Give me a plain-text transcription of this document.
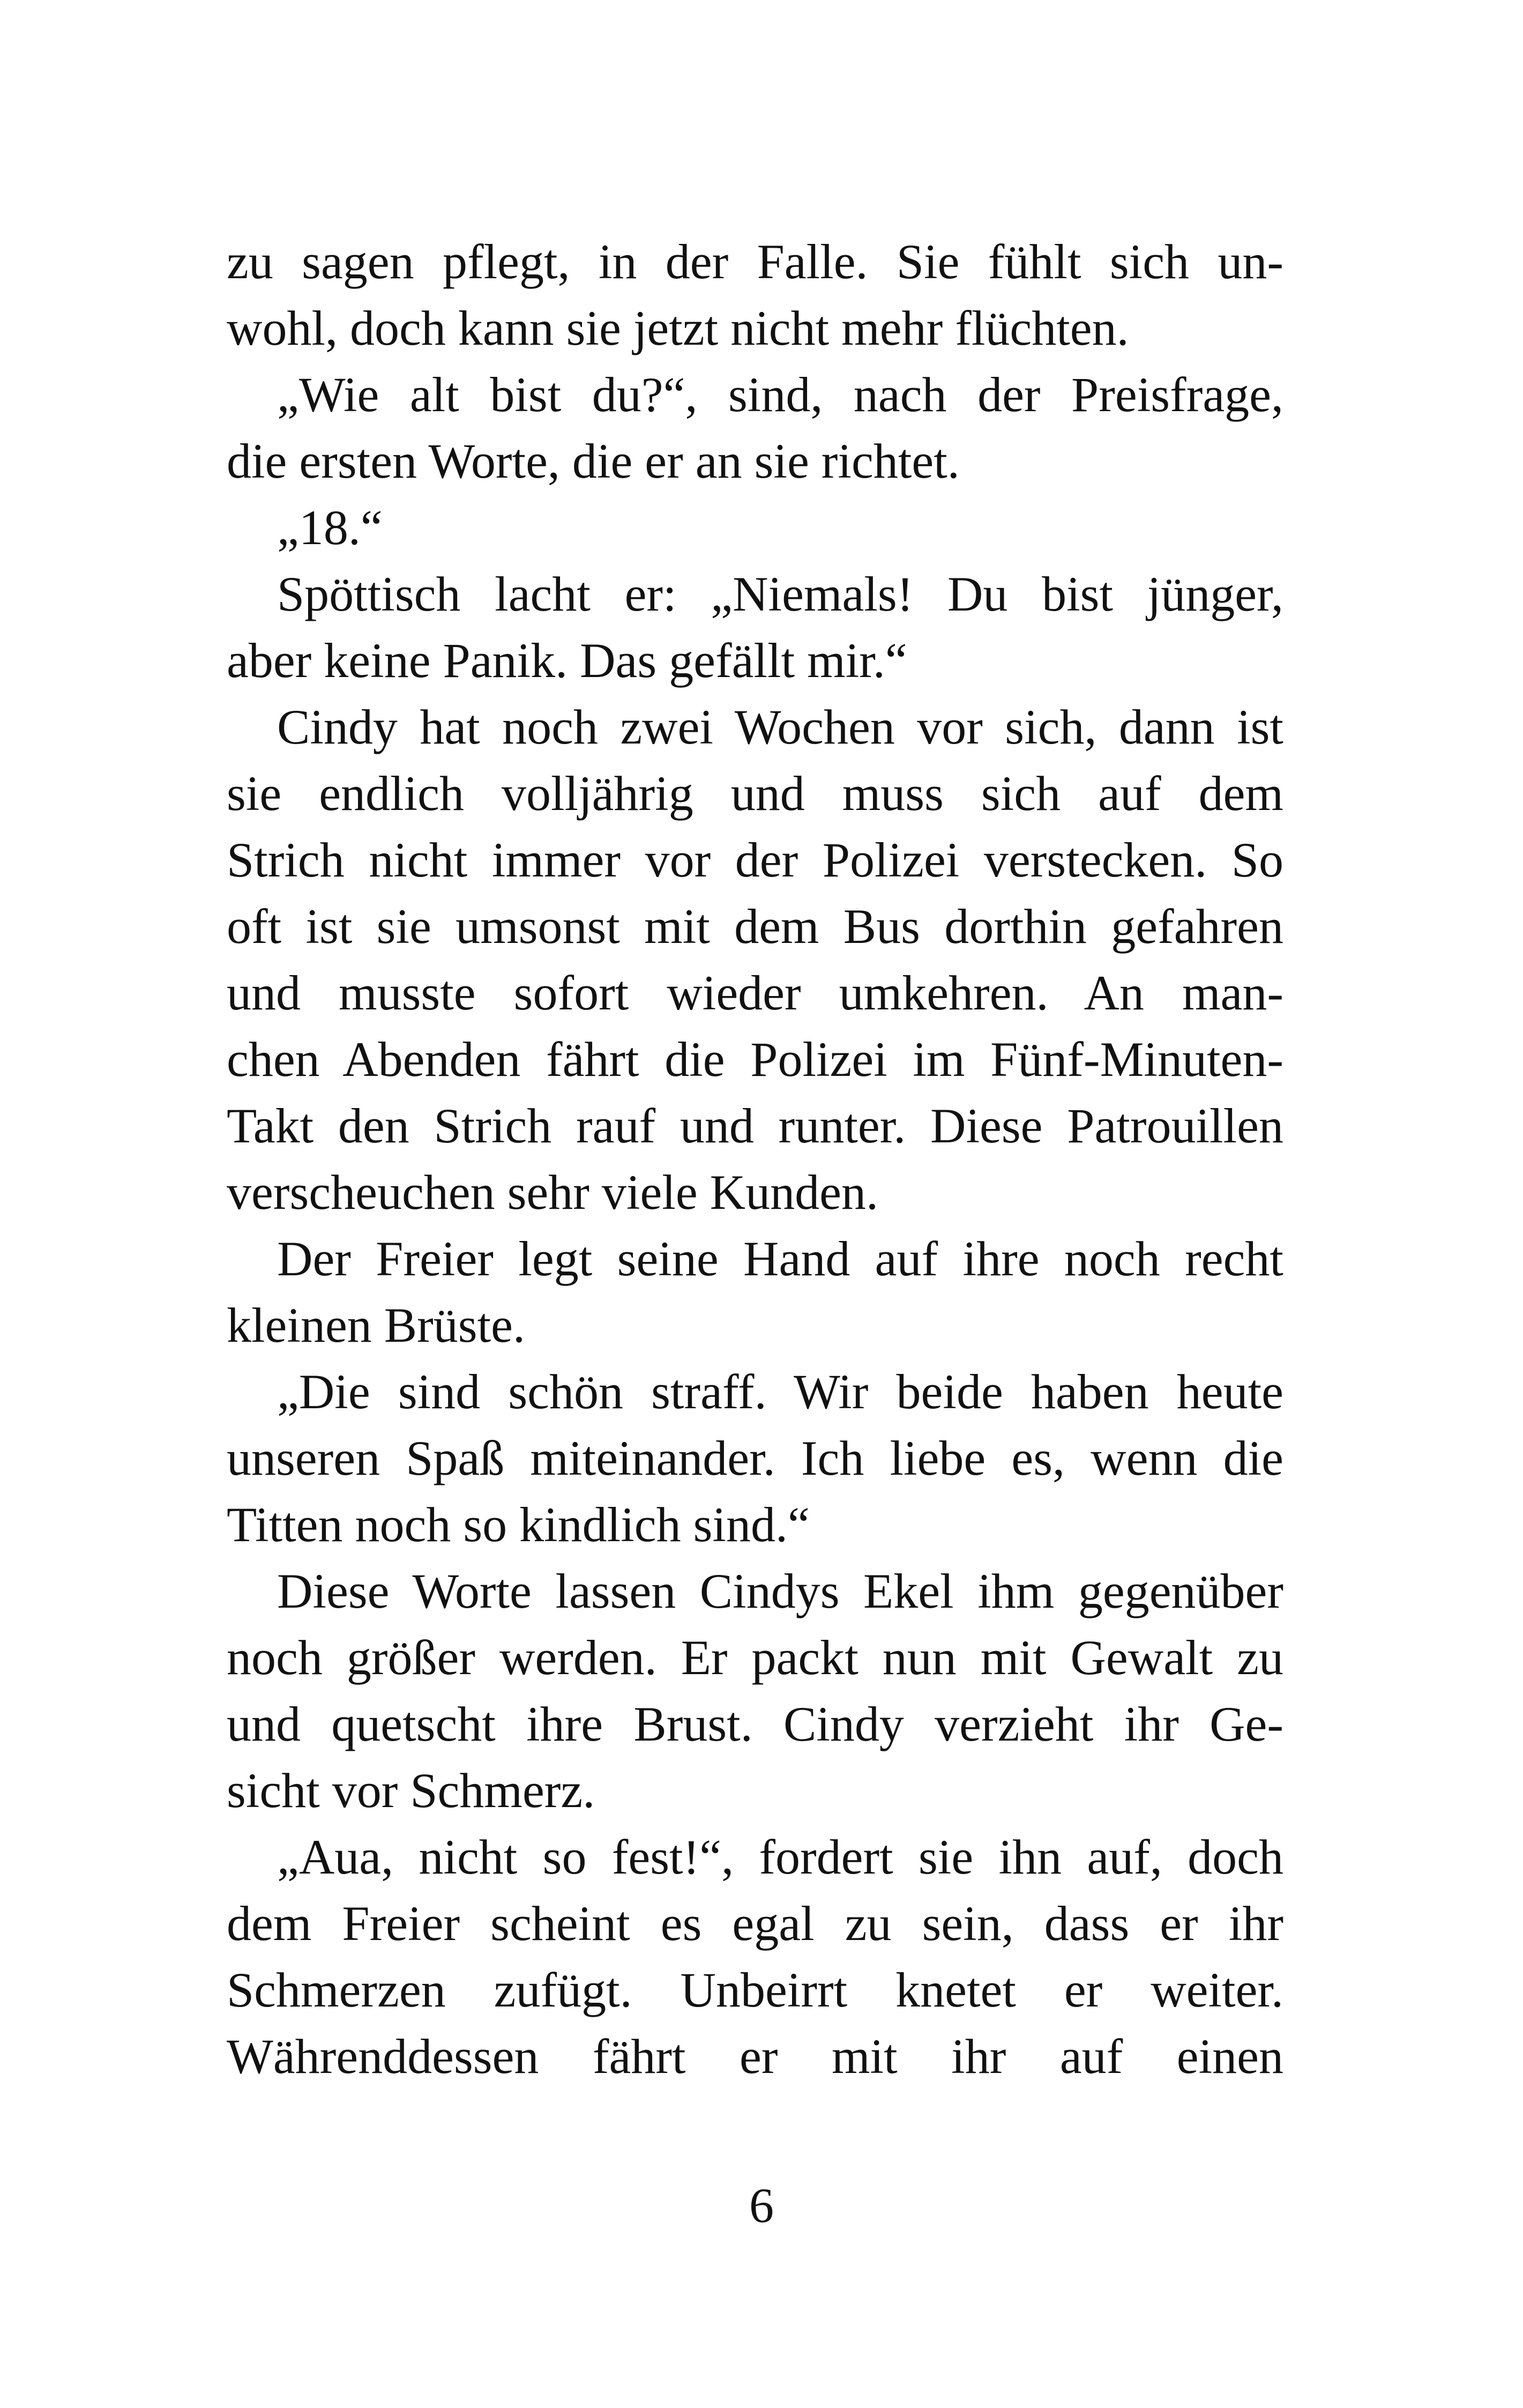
zu sagen pflegt, in der Falle. Sie fühlt sich un-
wohl, doch kann sie jetzt nicht mehr flüchten.
„Wie alt bist du?“, sind, nach der Preisfrage,
die ersten Worte, die er an sie richtet.
„18.“
Spöttisch lacht er: „Niemals! Du bist jünger,
aber keine Panik. Das gefällt mir.“
Cindy hat noch zwei Wochen vor sich, dann ist
sie endlich volljährig und muss sich auf dem
Strich nicht immer vor der Polizei verstecken. So
oft ist sie umsonst mit dem Bus dorthin gefahren
und musste sofort wieder umkehren. An man-
chen Abenden fährt die Polizei im Fünf-Minuten-
Takt den Strich rauf und runter. Diese Patrouillen
verscheuchen sehr viele Kunden.
Der Freier legt seine Hand auf ihre noch recht
kleinen Brüste.
„Die sind schön straff. Wir beide haben heute
unseren Spaß miteinander. Ich liebe es, wenn die
Titten noch so kindlich sind.“
Diese Worte lassen Cindys Ekel ihm gegenüber
noch größer werden. Er packt nun mit Gewalt zu
und quetscht ihre Brust. Cindy verzieht ihr Ge-
sicht vor Schmerz.
„Aua, nicht so fest!“, fordert sie ihn auf, doch
dem Freier scheint es egal zu sein, dass er ihr
Schmerzen zufügt. Unbeirrt knetet er weiter.
Währenddessen fährt er mit ihr auf einen
6
